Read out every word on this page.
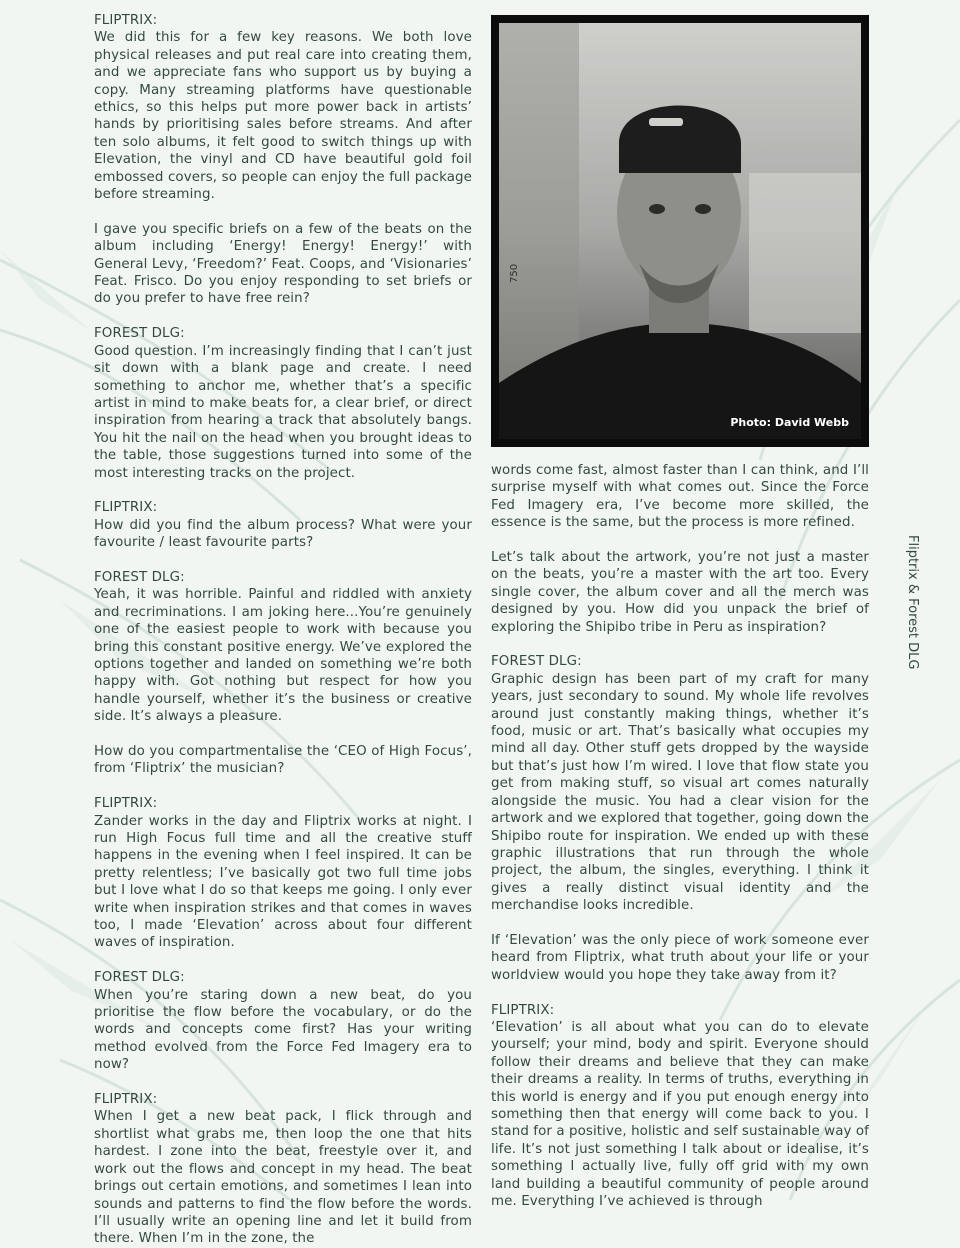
FLIPTRIX:
We did this for a few key reasons. We both love physical releases and put real care into creating them, and we appreciate fans who support us by buying a copy. Many streaming platforms have questionable ethics, so this helps put more power back in artists’ hands by prioritising sales before streams. And after ten solo albums, it felt good to switch things up with Elevation, the vinyl and CD have beautiful gold foil embossed covers, so people can enjoy the full package before streaming.

I gave you specific briefs on a few of the beats on the album including ‘Energy! Energy! Energy!’ with General Levy, ‘Freedom?’ Feat. Coops, and ‘Visionaries’ Feat. Frisco. Do you enjoy responding to set briefs or do you prefer to have free rein?

FOREST DLG:
Good question. I’m increasingly finding that I can’t just sit down with a blank page and create. I need something to anchor me, whether that’s a specific artist in mind to make beats for, a clear brief, or direct inspiration from hearing a track that absolutely bangs. You hit the nail on the head when you brought ideas to the table, those suggestions turned into some of the most interesting tracks on the project.

FLIPTRIX:
How did you find the album process? What were your favourite / least favourite parts?

FOREST DLG:
Yeah, it was horrible. Painful and riddled with anxiety and recriminations. I am joking here...You’re genuinely one of the easiest people to work with because you bring this constant positive energy. We’ve explored the options together and landed on something we’re both happy with. Got nothing but respect for how you handle yourself, whether it’s the business or creative side. It’s always a pleasure.

How do you compartmentalise the ‘CEO of High Focus’, from ‘Fliptrix’ the musician?

FLIPTRIX:
Zander works in the day and Fliptrix works at night. I run High Focus full time and all the creative stuff happens in the evening when I feel inspired. It can be pretty relentless; I’ve basically got two full time jobs but I love what I do so that keeps me going. I only ever write when inspiration strikes and that comes in waves too, I made ‘Elevation’ across about four different waves of inspiration.

FOREST DLG:
When you’re staring down a new beat, do you prioritise the flow before the vocabulary, or do the words and concepts come first? Has your writing method evolved from the Force Fed Imagery era to now?

FLIPTRIX:
When I get a new beat pack, I flick through and shortlist what grabs me, then loop the one that hits hardest. I zone into the beat, freestyle over it, and work out the flows and concept in my head. The beat brings out certain emotions, and sometimes I lean into sounds and patterns to find the flow before the words. I’ll usually write an opening line and let it build from there. When I’m in the zone, the

750
Photo: David Webb

words come fast, almost faster than I can think, and I’ll surprise myself with what comes out. Since the Force Fed Imagery era, I’ve become more skilled, the essence is the same, but the process is more refined.

Let’s talk about the artwork, you’re not just a master on the beats, you’re a master with the art too. Every single cover, the album cover and all the merch was designed by you. How did you unpack the brief of exploring the Shipibo tribe in Peru as inspiration?

FOREST DLG:
Graphic design has been part of my craft for many years, just secondary to sound. My whole life revolves around just constantly making things, whether it’s food, music or art. That’s basically what occupies my mind all day. Other stuff gets dropped by the wayside but that’s just how I’m wired. I love that flow state you get from making stuff, so visual art comes naturally alongside the music. You had a clear vision for the artwork and we explored that together, going down the Shipibo route for inspiration. We ended up with these graphic illustrations that run through the whole project, the album, the singles, everything. I think it gives a really distinct visual identity and the merchandise looks incredible.

If ‘Elevation’ was the only piece of work someone ever heard from Fliptrix, what truth about your life or your worldview would you hope they take away from it?

FLIPTRIX:
‘Elevation’ is all about what you can do to elevate yourself; your mind, body and spirit. Everyone should follow their dreams and believe that they can make their dreams a reality. In terms of truths, everything in this world is energy and if you put enough energy into something then that energy will come back to you. I stand for a positive, holistic and self sustainable way of life. It’s not just something I talk about or idealise, it’s something I actually live, fully off grid with my own land building a beautiful community of people around me. Everything I’ve achieved is through

Fliptrix & Forest DLG
